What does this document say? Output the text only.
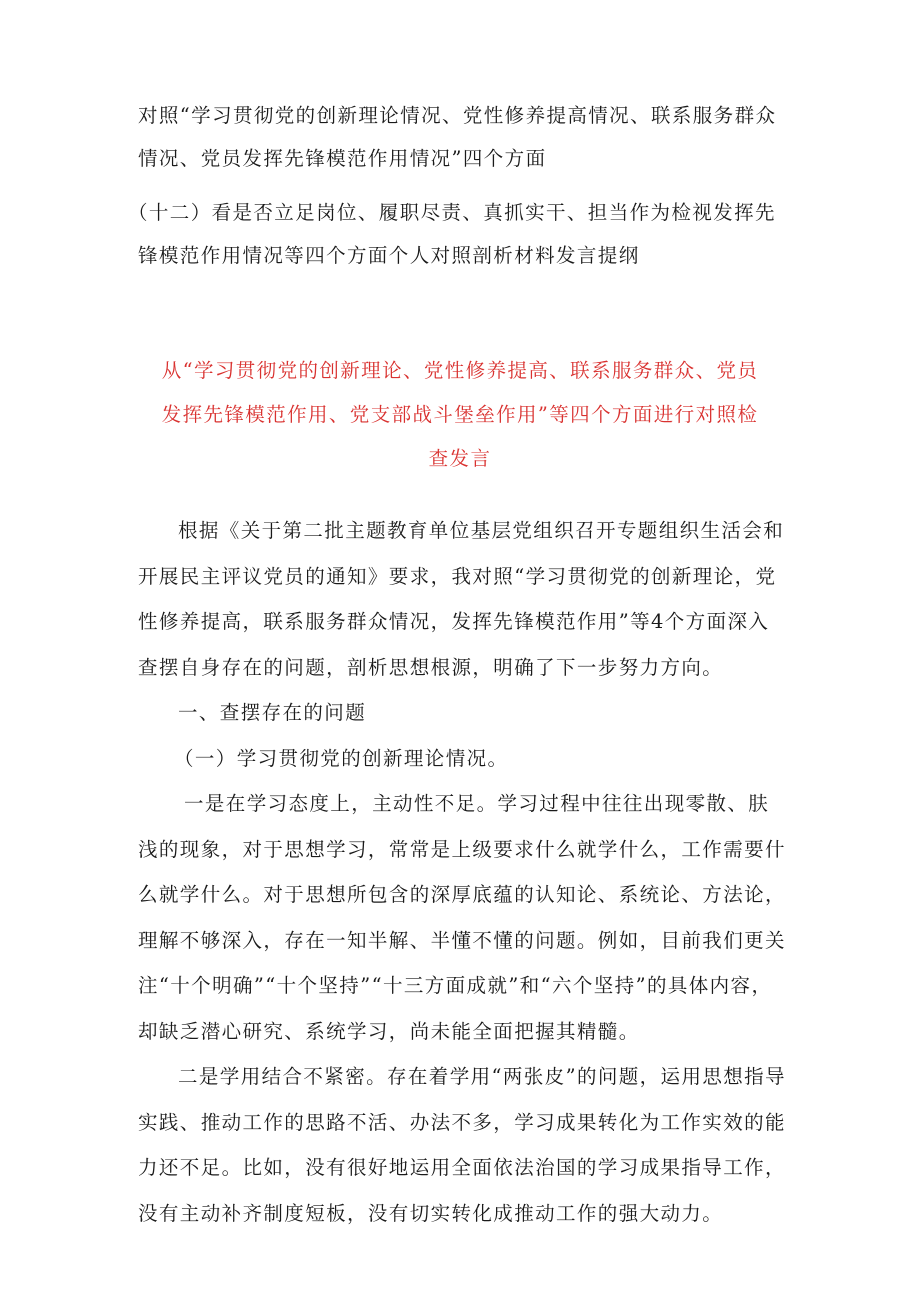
对照“学习贯彻党的创新理论情况、党性修养提高情况、联系服务群众情况、党员发挥先锋模范作用情况”四个方面

（十二）看是否立足岗位、履职尽责、真抓实干、担当作为检视发挥先锋模范作用情况等四个方面个人对照剖析材料发言提纲

从“学习贯彻党的创新理论、党性修养提高、联系服务群众、党员
发挥先锋模范作用、党支部战斗堡垒作用”等四个方面进行对照检
查发言

根据《关于第二批主题教育单位基层党组织召开专题组织生活会和开展民主评议党员的通知》要求，我对照“学习贯彻党的创新理论，党性修养提高，联系服务群众情况，发挥先锋模范作用”等4个方面深入查摆自身存在的问题，剖析思想根源，明确了下一步努力方向。

一、查摆存在的问题

（一）学习贯彻党的创新理论情况。

一是在学习态度上，主动性不足。学习过程中往往出现零散、肤浅的现象，对于思想学习，常常是上级要求什么就学什么，工作需要什么就学什么。对于思想所包含的深厚底蕴的认知论、系统论、方法论，理解不够深入，存在一知半解、半懂不懂的问题。例如，目前我们更关注“十个明确”“十个坚持”“十三方面成就”和“六个坚持”的具体内容，却缺乏潜心研究、系统学习，尚未能全面把握其精髓。

二是学用结合不紧密。存在着学用“两张皮”的问题，运用思想指导实践、推动工作的思路不活、办法不多，学习成果转化为工作实效的能力还不足。比如，没有很好地运用全面依法治国的学习成果指导工作，没有主动补齐制度短板，没有切实转化成推动工作的强大动力。
